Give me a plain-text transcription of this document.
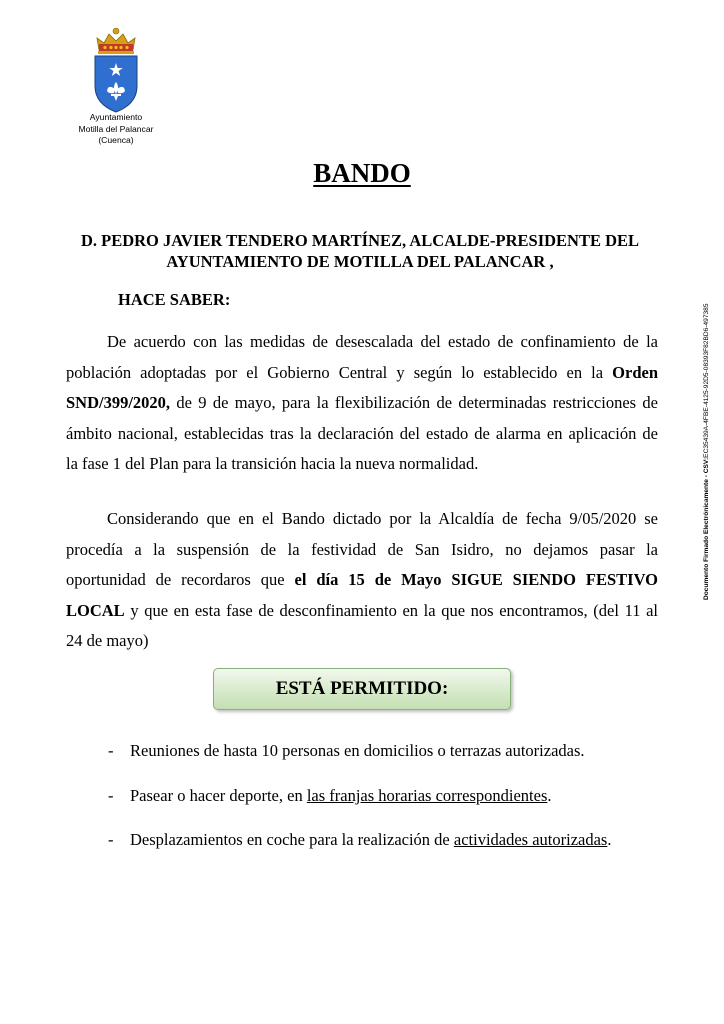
Ayuntamiento
Motilla del Palancar
(Cuenca)
BANDO
D. PEDRO JAVIER TENDERO MARTÍNEZ, ALCALDE-PRESIDENTE DEL
AYUNTAMIENTO DE MOTILLA DEL PALANCAR ,
HACE SABER:
De acuerdo con las medidas de desescalada del estado de confinamiento de la
población adoptadas por el Gobierno Central y según lo establecido en la Orden
SND/399/2020, de 9 de mayo, para la flexibilización de determinadas restricciones de
ámbito nacional, establecidas tras la declaración del estado de alarma en aplicación de
la fase 1 del Plan para la transición hacia la nueva normalidad.
Considerando que en el Bando dictado por la Alcaldía de fecha 9/05/2020 se
procedía a la suspensión de la festividad de San Isidro, no dejamos pasar la
oportunidad de recordaros que el día 15 de Mayo SIGUE SIENDO FESTIVO
LOCAL y que en esta fase de desconfinamiento en la que nos encontramos, (del 11 al
24 de mayo)
ESTÁ PERMITIDO:
- Reuniones de hasta 10 personas en domicilios o terrazas autorizadas.
- Pasear o hacer deporte, en las franjas horarias correspondientes.
- Desplazamientos en coche para la realización de actividades autorizadas.
Documento Firmado Electrónicamente - CSV:EC35439A-4FBE-4125-92D5-08393F82BD6-497385
